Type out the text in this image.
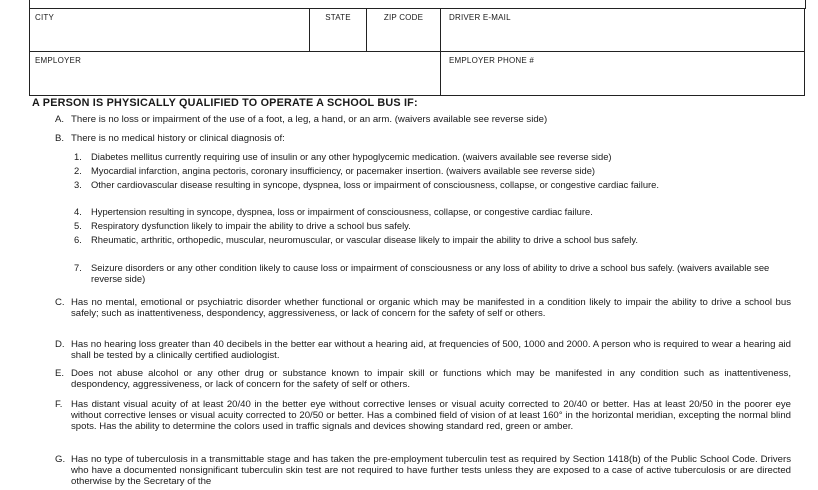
CITY	STATE	ZIP CODE	DRIVER E-MAIL
EMPLOYER			EMPLOYER PHONE #
A PERSON IS PHYSICALLY QUALIFIED TO OPERATE A SCHOOL BUS IF:
A. There is no loss or impairment of the use of a foot, a leg, a hand, or an arm. (waivers available see reverse side)
B. There is no medical history or clinical diagnosis of:
1. Diabetes mellitus currently requiring use of insulin or any other hypoglycemic medication. (waivers available see reverse side)
2. Myocardial infarction, angina pectoris, coronary insufficiency, or pacemaker insertion. (waivers available see reverse side)
3. Other cardiovascular disease resulting in syncope, dyspnea, loss or impairment of consciousness, collapse, or congestive cardiac failure.
4. Hypertension resulting in syncope, dyspnea, loss or impairment of consciousness, collapse, or congestive cardiac failure.
5. Respiratory dysfunction likely to impair the ability to drive a school bus safely.
6. Rheumatic, arthritic, orthopedic, muscular, neuromuscular, or vascular disease likely to impair the ability to drive a school bus safely.
7. Seizure disorders or any other condition likely to cause loss or impairment of consciousness or any loss of ability to drive a school bus safely. (waivers available see reverse side)
C. Has no mental, emotional or psychiatric disorder whether functional or organic which may be manifested in a condition likely to impair the ability to drive a school bus safely; such as inattentiveness, despondency, aggressiveness, or lack of concern for the safety of self or others.
D. Has no hearing loss greater than 40 decibels in the better ear without a hearing aid, at frequencies of 500, 1000 and 2000. A person who is required to wear a hearing aid shall be tested by a clinically certified audiologist.
E. Does not abuse alcohol or any other drug or substance known to impair skill or functions which may be manifested in any condition such as inattentiveness, despondency, aggressiveness, or lack of concern for the safety of self or others.
F. Has distant visual acuity of at least 20/40 in the better eye without corrective lenses or visual acuity corrected to 20/40 or better. Has at least 20/50 in the poorer eye without corrective lenses or visual acuity corrected to 20/50 or better. Has a combined field of vision of at least 160° in the horizontal meridian, excepting the normal blind spots. Has the ability to determine the colors used in traffic signals and devices showing standard red, green or amber.
G. Has no type of tuberculosis in a transmittable stage and has taken the pre-employment tuberculin test as required by Section 1418(b) of the Public School Code. Drivers who have a documented nonsignificant tuberculin skin test are not required to have further tests unless they are exposed to a case of active tuberculosis or are directed otherwise by the Secretary of the
